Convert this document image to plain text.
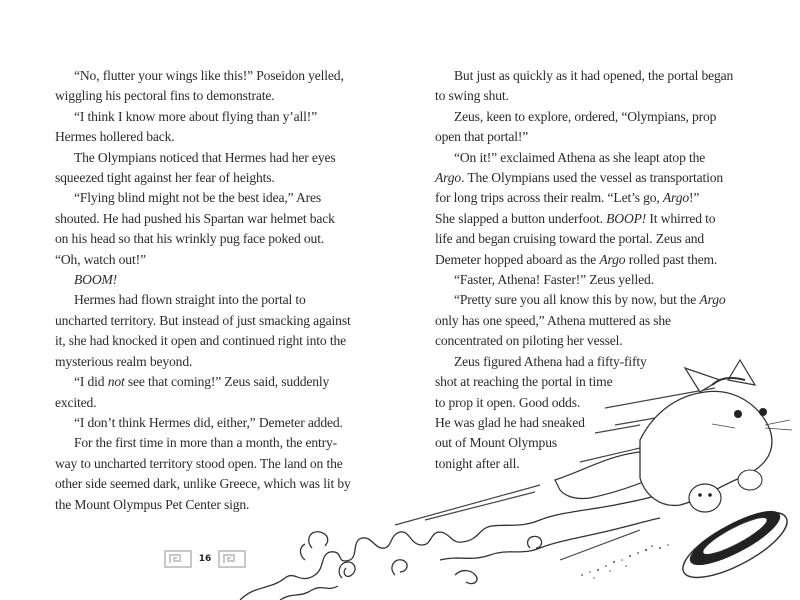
“No, flutter your wings like this!” Poseidon yelled,
wiggling his pectoral fins to demonstrate.

“I think I know more about flying than y’all!”
Hermes hollered back.

The Olympians noticed that Hermes had her eyes
squeezed tight against her fear of heights.

“Flying blind might not be the best idea,” Ares
shouted. He had pushed his Spartan war helmet back
on his head so that his wrinkly pug face poked out.
“Oh, watch out!”

BOOM!

Hermes had flown straight into the portal to
uncharted territory. But instead of just smacking against
it, she had knocked it open and continued right into the
mysterious realm beyond.

“I did not see that coming!” Zeus said, suddenly
excited.

“I don’t think Hermes did, either,” Demeter added.

For the first time in more than a month, the entry-
way to uncharted territory stood open. The land on the
other side seemed dark, unlike Greece, which was lit by
the Mount Olympus Pet Center sign.

16

But just as quickly as it had opened, the portal began
to swing shut.

Zeus, keen to explore, ordered, “Olympians, prop
open that portal!”

“On it!” exclaimed Athena as she leapt atop the
Argo. The Olympians used the vessel as transportation
for long trips across their realm. “Let’s go, Argo!”
She slapped a button underfoot. BOOP! It whirred to
life and began cruising toward the portal. Zeus and
Demeter hopped aboard as the Argo rolled past them.

“Faster, Athena! Faster!” Zeus yelled.

“Pretty sure you all know this by now, but the Argo
only has one speed,” Athena muttered as she
concentrated on piloting her vessel.

Zeus figured Athena had a fifty-fifty
shot at reaching the portal in time
to prop it open. Good odds.
He was glad he had sneaked
out of Mount Olympus
tonight after all.
